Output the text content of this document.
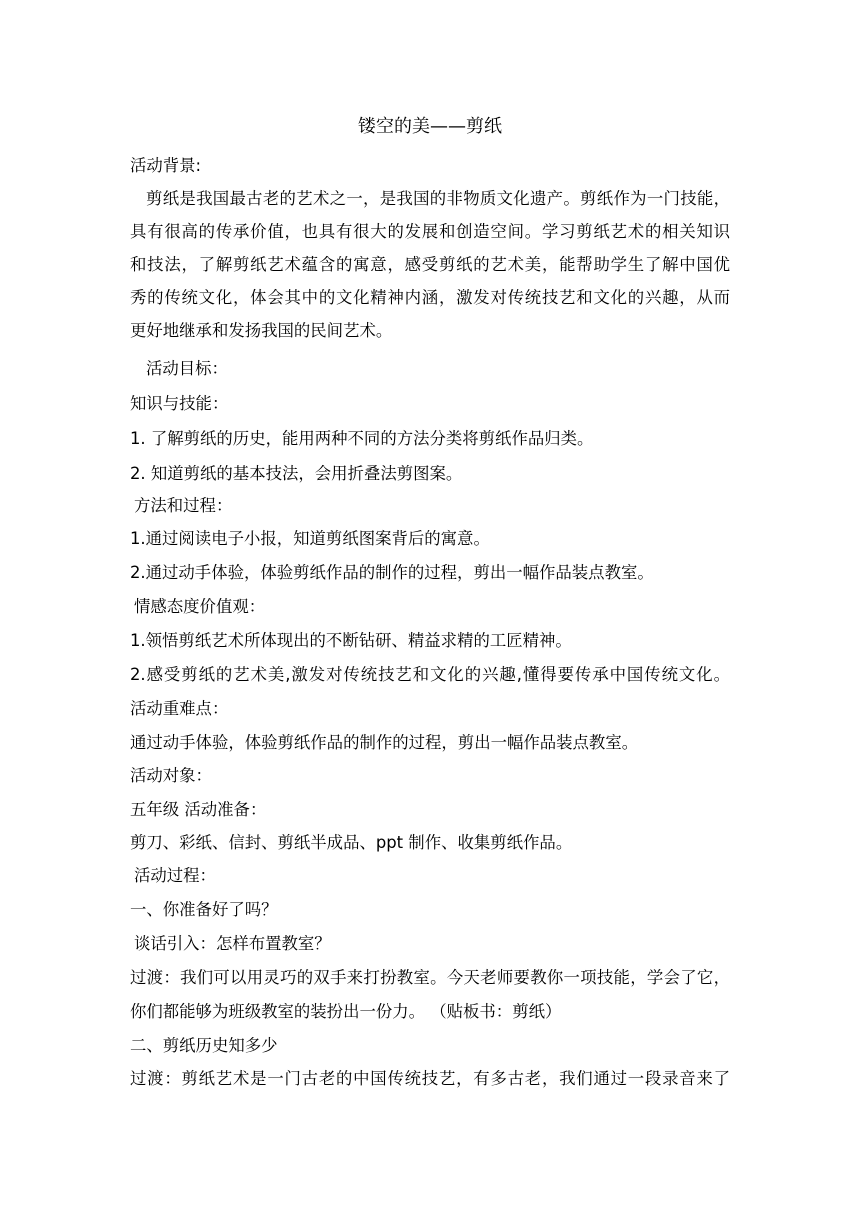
镂空的美——剪纸
活动背景:
剪纸是我国最古老的艺术之一，是我国的非物质文化遗产。剪纸作为一门技能，
具有很高的传承价值，也具有很大的发展和创造空间。学习剪纸艺术的相关知识
和技法，了解剪纸艺术蕴含的寓意，感受剪纸的艺术美，能帮助学生了解中国优
秀的传统文化，体会其中的文化精神内涵，激发对传统技艺和文化的兴趣，从而
更好地继承和发扬我国的民间艺术。
活动目标：
知识与技能：
1. 了解剪纸的历史，能用两种不同的方法分类将剪纸作品归类。
2. 知道剪纸的基本技法，会用折叠法剪图案。
方法和过程：
1.通过阅读电子小报，知道剪纸图案背后的寓意。
2.通过动手体验，体验剪纸作品的制作的过程，剪出一幅作品装点教室。
情感态度价值观：
1.领悟剪纸艺术所体现出的不断钻研、精益求精的工匠精神。
2.感受剪纸的艺术美,激发对传统技艺和文化的兴趣,懂得要传承中国传统文化。
活动重难点：
通过动手体验，体验剪纸作品的制作的过程，剪出一幅作品装点教室。
活动对象：
五年级 活动准备：
剪刀、彩纸、信封、剪纸半成品、ppt 制作、收集剪纸作品。
活动过程：
一、你准备好了吗？
谈话引入：怎样布置教室？
过渡：我们可以用灵巧的双手来打扮教室。今天老师要教你一项技能，学会了它，
你们都能够为班级教室的装扮出一份力。 （贴板书：剪纸）
二、剪纸历史知多少
过渡：剪纸艺术是一门古老的中国传统技艺，有多古老，我们通过一段录音来了
